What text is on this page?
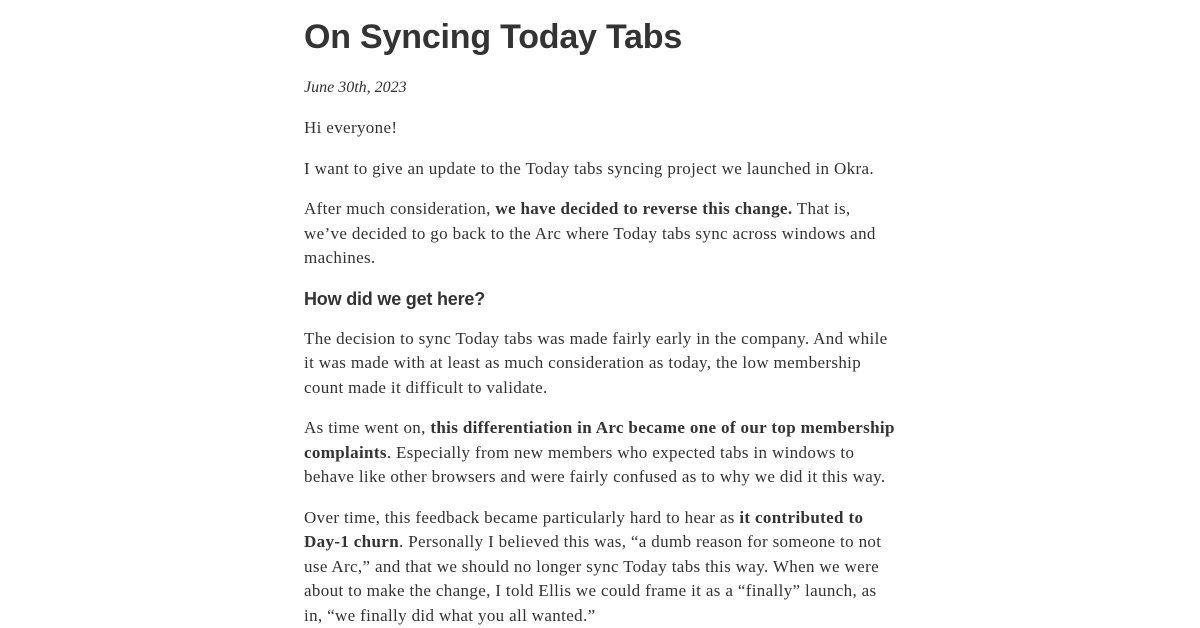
On Syncing Today Tabs
June 30th, 2023

Hi everyone!

I want to give an update to the Today tabs syncing project we launched in Okra.

After much consideration, we have decided to reverse this change. That is, we’ve decided to go back to the Arc where Today tabs sync across windows and machines.

How did we get here?

The decision to sync Today tabs was made fairly early in the company. And while it was made with at least as much consideration as today, the low membership count made it difficult to validate.

As time went on, this differentiation in Arc became one of our top membership complaints. Especially from new members who expected tabs in windows to behave like other browsers and were fairly confused as to why we did it this way.

Over time, this feedback became particularly hard to hear as it contributed to Day-1 churn. Personally I believed this was, “a dumb reason for someone to not use Arc,” and that we should no longer sync Today tabs this way. When we were about to make the change, I told Ellis we could frame it as a “finally” launch, as in, “we finally did what you all wanted.”
